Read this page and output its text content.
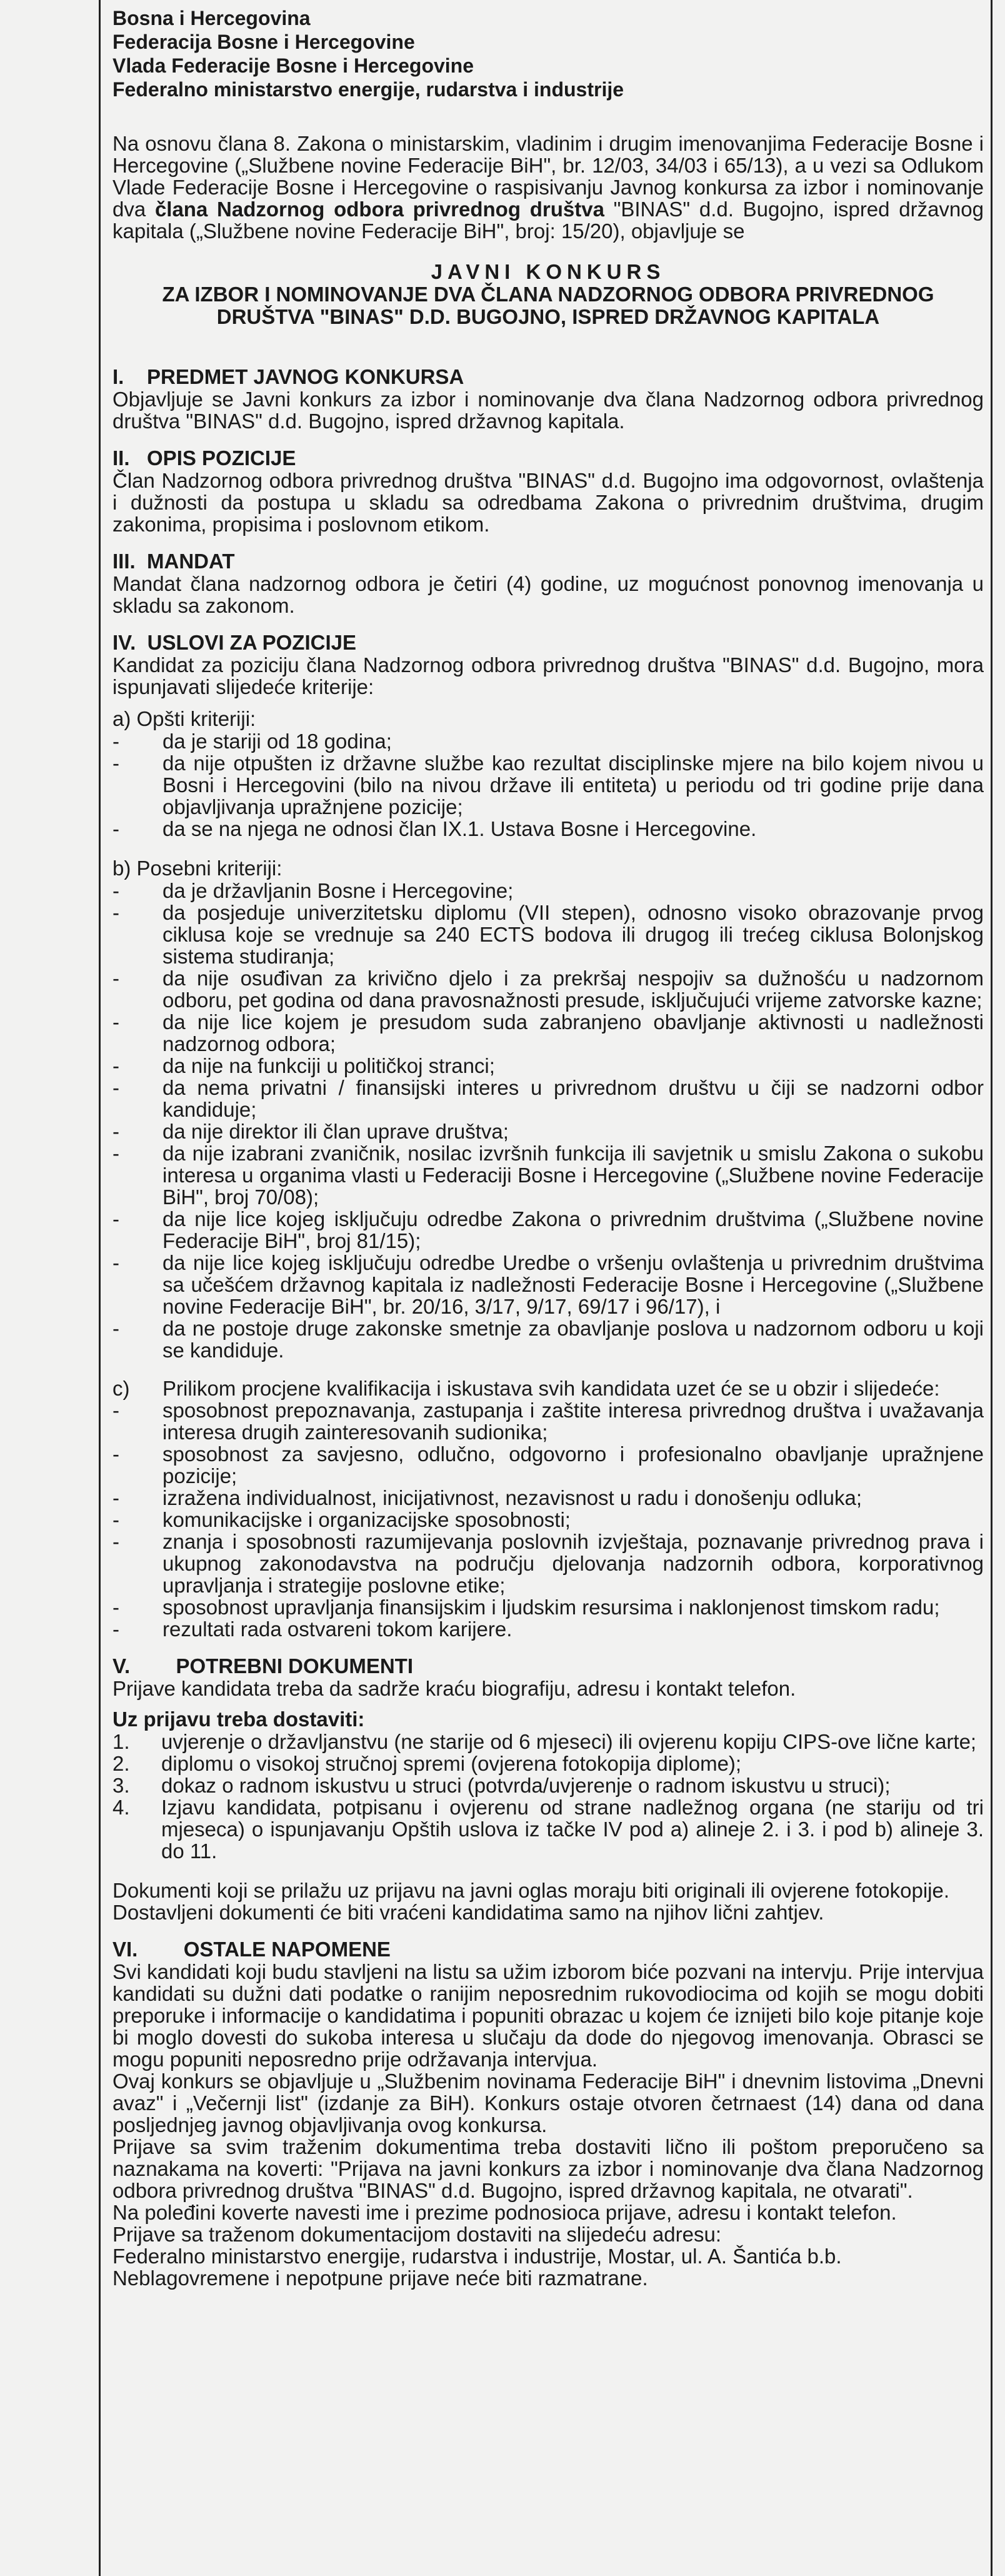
Bosna i Hercegovina
Federacija Bosne i Hercegovine
Vlada Federacije Bosne i Hercegovine
Federalno ministarstvo energije, rudarstva i industrije

Na osnovu člana 8. Zakona o ministarskim, vladinim i drugim imenovanjima Federacije Bosne i Hercegovine („Službene novine Federacije BiH", br. 12/03, 34/03 i 65/13), a u vezi sa Odlukom Vlade Federacije Bosne i Hercegovine o raspisivanju Javnog konkursa za izbor i nominovanje dva člana Nadzornog odbora privrednog društva "BINAS" d.d. Bugojno, ispred državnog kapitala („Službene novine Federacije BiH", broj: 15/20), objavljuje se

JAVNI KONKURS
ZA IZBOR I NOMINOVANJE DVA ČLANA NADZORNOG ODBORA PRIVREDNOG
DRUŠTVA "BINAS" D.D. BUGOJNO, ISPRED DRŽAVNOG KAPITALA
I.    PREDMET JAVNOG KONKURSA

Objavljuje se Javni konkurs za izbor i nominovanje dva člana Nadzornog odbora privrednog društva "BINAS" d.d. Bugojno, ispred državnog kapitala.

II.   OPIS POZICIJE

Član Nadzornog odbora privrednog društva "BINAS" d.d. Bugojno ima odgovornost, ovlaštenja i dužnosti da postupa u skladu sa odredbama Zakona o privrednim društvima, drugim zakonima, propisima i poslovnom etikom.

III.  MANDAT

Mandat člana nadzornog odbora je četiri (4) godine, uz mogućnost ponovnog imenovanja u skladu sa zakonom.

IV.  USLOVI ZA POZICIJE

Kandidat za poziciju člana Nadzornog odbora privrednog društva "BINAS" d.d. Bugojno, mora ispunjavati slijedeće kriterije:

a) Opšti kriteriji:
- da je stariji od 18 godina;
- da nije otpušten iz državne službe kao rezultat disciplinske mjere na bilo kojem nivou u Bosni i Hercegovini (bilo na nivou države ili entiteta) u periodu od tri godine prije dana objavljivanja upražnjene pozicije;
- da se na njega ne odnosi član IX.1. Ustava Bosne i Hercegovine.
b) Posebni kriteriji:
- da je državljanin Bosne i Hercegovine;
- da posjeduje univerzitetsku diplomu (VII stepen), odnosno visoko obrazovanje prvog ciklusa koje se vrednuje sa 240 ECTS bodova ili drugog ili trećeg ciklusa Bolonjskog sistema studiranja;
- da nije osuđivan za krivično djelo i za prekršaj nespojiv sa dužnošću u nadzornom odboru, pet godina od dana pravosnažnosti presude, isključujući vrijeme zatvorske kazne;
- da nije lice kojem je presudom suda zabranjeno obavljanje aktivnosti u nadležnosti nadzornog odbora;
- da nije na funkciji u političkoj stranci;
- da nema privatni / finansijski interes u privrednom društvu u čiji se nadzorni odbor kandiduje;
- da nije direktor ili član uprave društva;
- da nije izabrani zvaničnik, nosilac izvršnih funkcija ili savjetnik u smislu Zakona o sukobu interesa u organima vlasti u Federaciji Bosne i Hercegovine („Službene novine Federacije BiH", broj 70/08);
- da nije lice kojeg isključuju odredbe Zakona o privrednim društvima („Službene novine Federacije BiH", broj 81/15);
- da nije lice kojeg isključuju odredbe Uredbe o vršenju ovlaštenja u privrednim društvima sa učešćem državnog kapitala iz nadležnosti Federacije Bosne i Hercegovine („Službene novine Federacije BiH", br. 20/16, 3/17, 9/17, 69/17 i 96/17), i
- da ne postoje druge zakonske smetnje za obavljanje poslova u nadzornom odboru u koji se kandiduje.
c) Prilikom procjene kvalifikacija i iskustava svih kandidata uzet će se u obzir i slijedeće:

- sposobnost prepoznavanja, zastupanja i zaštite interesa privrednog društva i uvažavanja interesa drugih zainteresovanih sudionika;
- sposobnost za savjesno, odlučno, odgovorno i profesionalno obavljanje upražnjene pozicije;
- izražena individualnost, inicijativnost, nezavisnost u radu i donošenju odluka;
- komunikacijske i organizacijske sposobnosti;
- znanja i sposobnosti razumijevanja poslovnih izvještaja, poznavanje privrednog prava i ukupnog zakonodavstva na području djelovanja nadzornih odbora, korporativnog upravljanja i strategije poslovne etike;
- sposobnost upravljanja finansijskim i ljudskim resursima i naklonjenost timskom radu;
- rezultati rada ostvareni tokom karijere.
V.        POTREBNI DOKUMENTI

Prijave kandidata treba da sadrže kraću biografiju, adresu i kontakt telefon.

Uz prijavu treba dostaviti:
1. uvjerenje o državljanstvu (ne starije od 6 mjeseci) ili ovjerenu kopiju CIPS-ove lične karte;
2. diplomu o visokoj stručnoj spremi (ovjerena fotokopija diplome);
3. dokaz o radnom iskustvu u struci (potvrda/uvjerenje o radnom iskustvu u struci);
4. Izjavu kandidata, potpisanu i ovjerenu od strane nadležnog organa (ne stariju od tri mjeseca) o ispunjavanju Opštih uslova iz tačke IV pod a) alineje 2. i 3. i pod b) alineje 3. do 11.

Dokumenti koji se prilažu uz prijavu na javni oglas moraju biti originali ili ovjerene fotokopije.

Dostavljeni dokumenti će biti vraćeni kandidatima samo na njihov lični zahtjev.

VI.        OSTALE NAPOMENE

Svi kandidati koji budu stavljeni na listu sa užim izborom biće pozvani na intervju. Prije intervjua kandidati su dužni dati podatke o ranijim neposrednim rukovodiocima od kojih se mogu dobiti preporuke i informacije o kandidatima i popuniti obrazac u kojem će iznijeti bilo koje pitanje koje bi moglo dovesti do sukoba interesa u slučaju da dode do njegovog imenovanja. Obrasci se mogu popuniti neposredno prije održavanja intervjua.

Ovaj konkurs se objavljuje u „Službenim novinama Federacije BiH" i dnevnim listovima „Dnevni avaz" i „Večernji list" (izdanje za BiH). Konkurs ostaje otvoren četrnaest (14) dana od dana posljednjeg javnog objavljivanja ovog konkursa.

Prijave sa svim traženim dokumentima treba dostaviti lično ili poštom preporučeno sa naznakama na koverti: "Prijava na javni konkurs za izbor i nominovanje dva člana Nadzornog odbora privrednog društva "BINAS" d.d. Bugojno, ispred državnog kapitala, ne otvarati".

Na poleđini koverte navesti ime i prezime podnosioca prijave, adresu i kontakt telefon.

Prijave sa traženom dokumentacijom dostaviti na slijedeću adresu:

Federalno ministarstvo energije, rudarstva i industrije, Mostar, ul. A. Šantića b.b.

Neblagovremene i nepotpune prijave neće biti razmatrane.
